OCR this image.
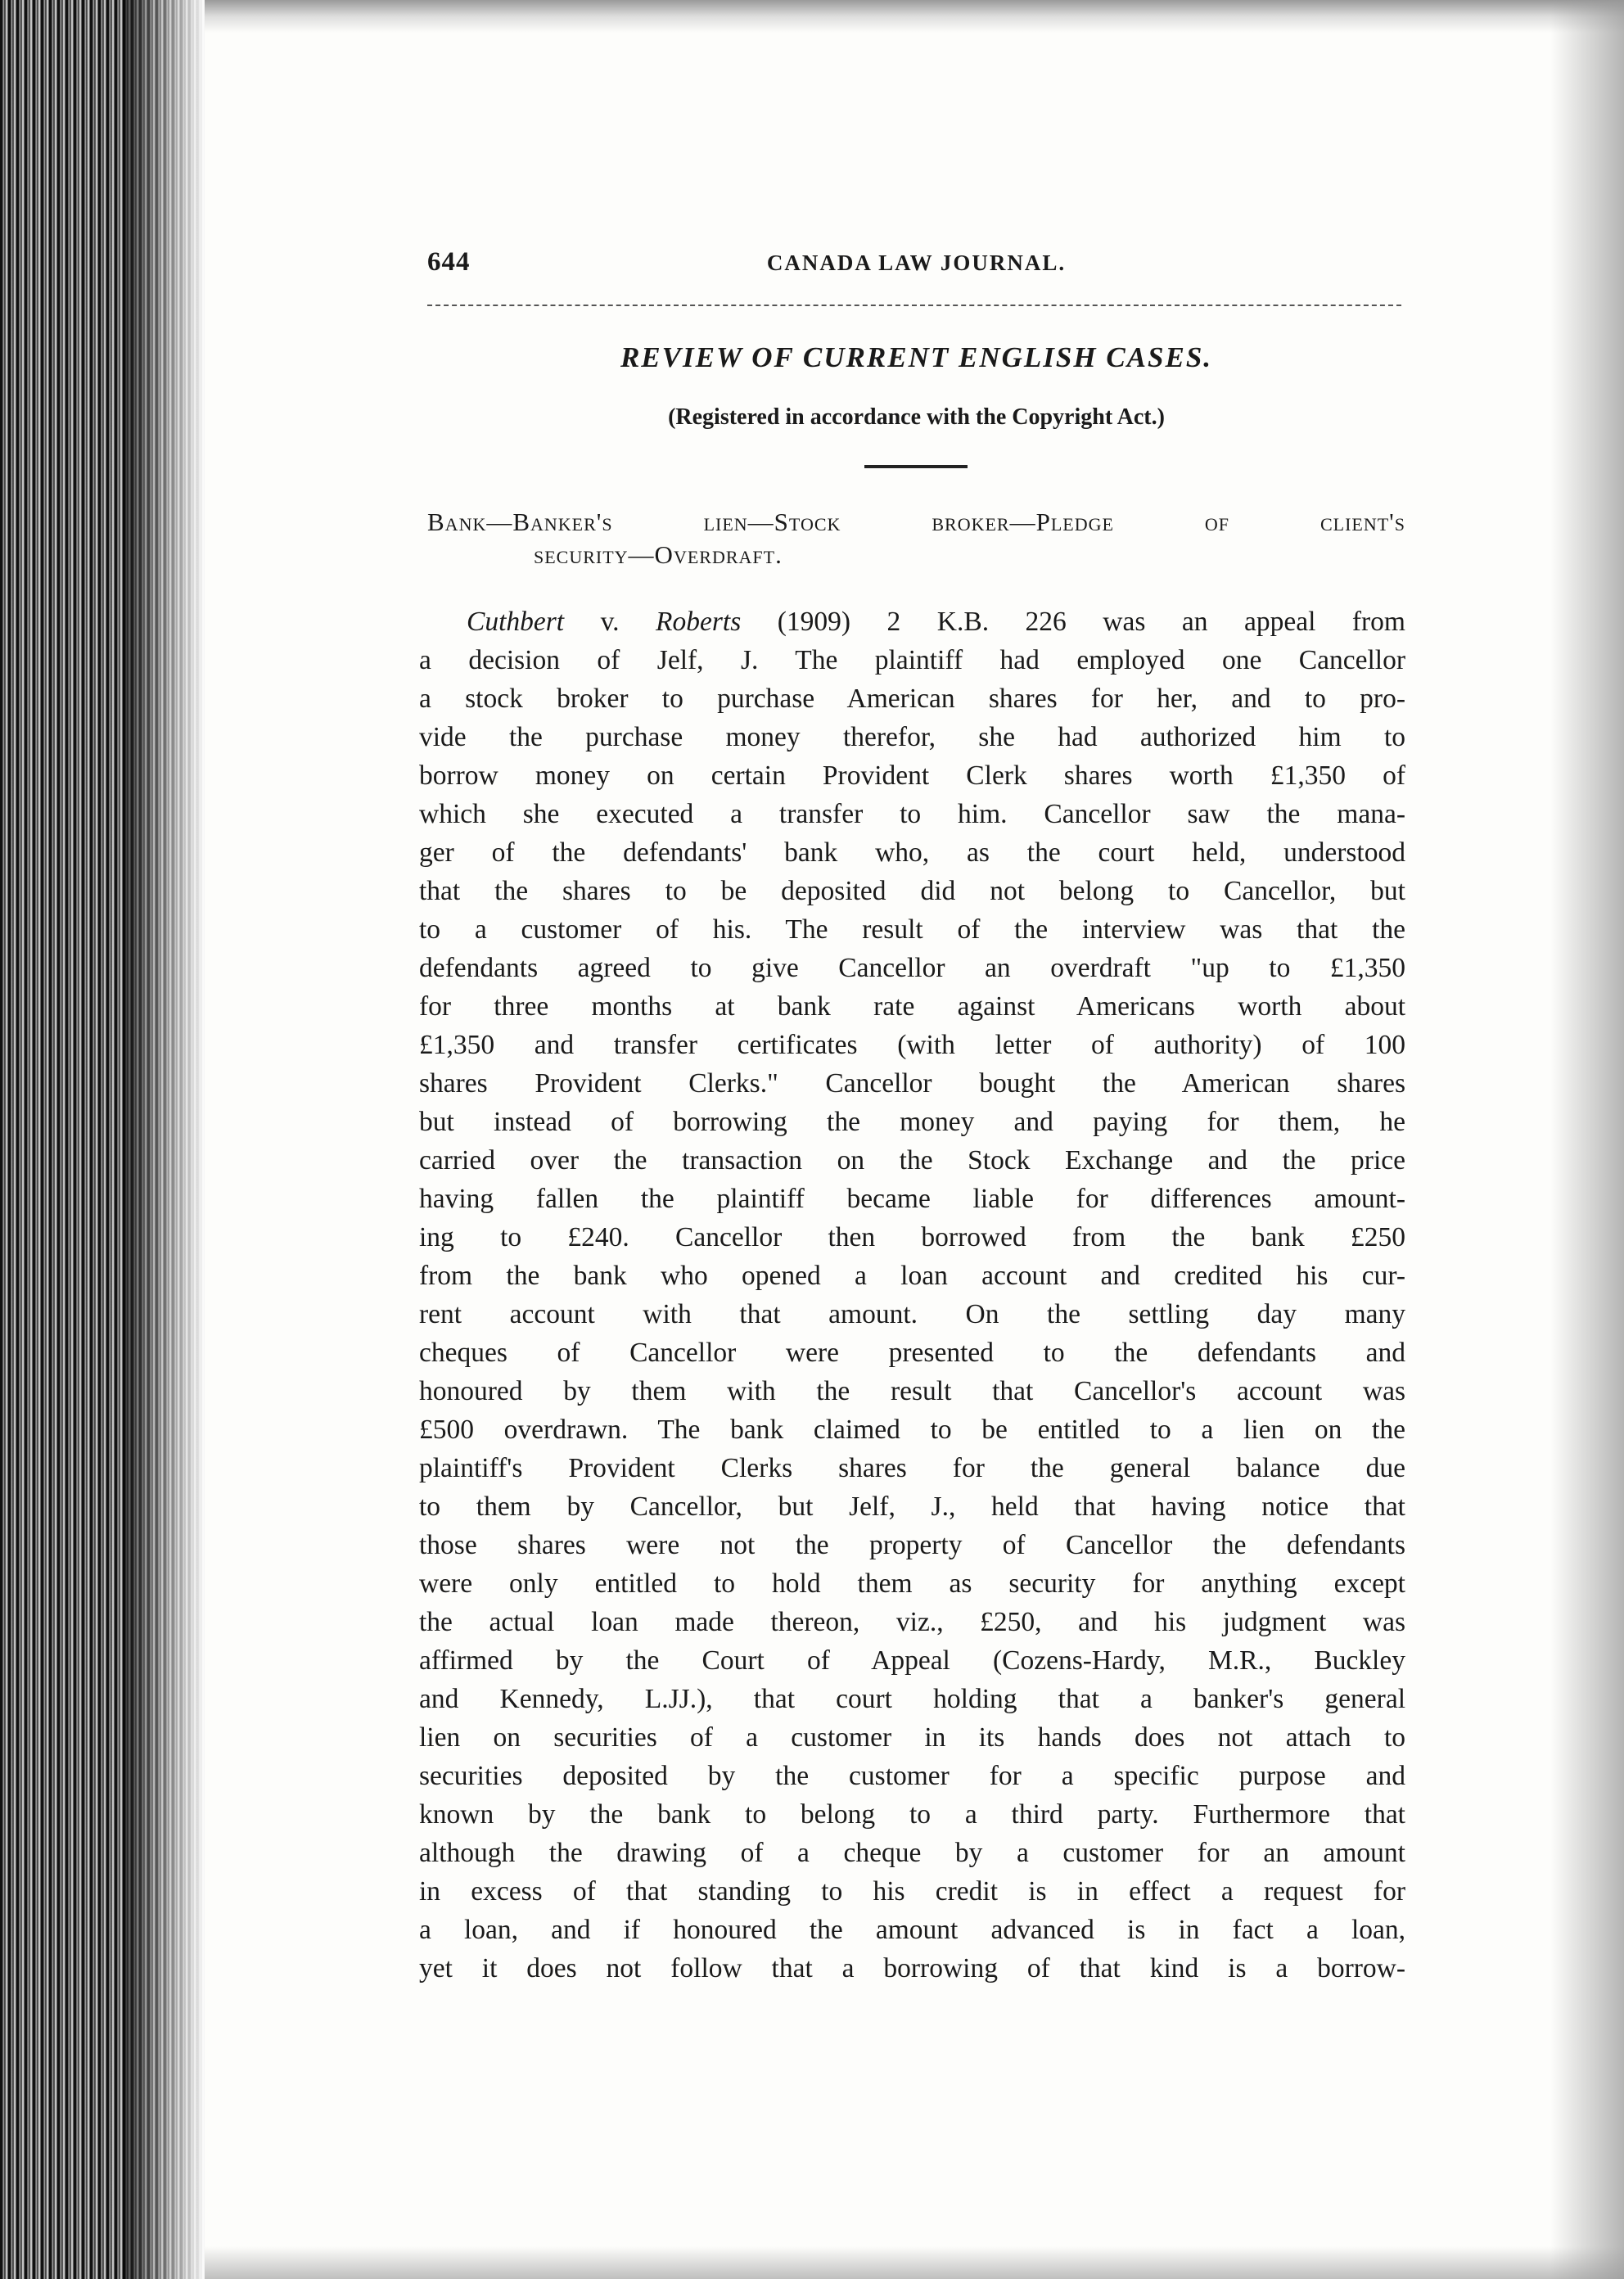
644	CANADA LAW JOURNAL.
REVIEW OF CURRENT ENGLISH CASES.
(Registered in accordance with the Copyright Act.)
Bank—Banker's lien—Stock broker—Pledge of client's
security—Overdraft.
Cuthbert v. Roberts (1909) 2 K.B. 226 was an appeal from
a decision of Jelf, J. The plaintiff had employed one Cancellor
a stock broker to purchase American shares for her, and to pro-
vide the purchase money therefor, she had authorized him to
borrow money on certain Provident Clerk shares worth £1,350 of
which she executed a transfer to him. Cancellor saw the mana-
ger of the defendants' bank who, as the court held, understood
that the shares to be deposited did not belong to Cancellor, but
to a customer of his. The result of the interview was that the
defendants agreed to give Cancellor an overdraft "up to £1,350
for three months at bank rate against Americans worth about
£1,350 and transfer certificates (with letter of authority) of 100
shares Provident Clerks." Cancellor bought the American shares
but instead of borrowing the money and paying for them, he
carried over the transaction on the Stock Exchange and the price
having fallen the plaintiff became liable for differences amount-
ing to £240. Cancellor then borrowed from the bank £250
from the bank who opened a loan account and credited his cur-
rent account with that amount. On the settling day many
cheques of Cancellor were presented to the defendants and
honoured by them with the result that Cancellor's account was
£500 overdrawn. The bank claimed to be entitled to a lien on the
plaintiff's Provident Clerks shares for the general balance due
to them by Cancellor, but Jelf, J., held that having notice that
those shares were not the property of Cancellor the defendants
were only entitled to hold them as security for anything except
the actual loan made thereon, viz., £250, and his judgment was
affirmed by the Court of Appeal (Cozens-Hardy, M.R., Buckley
and Kennedy, L.JJ.), that court holding that a banker's general
lien on securities of a customer in its hands does not attach to
securities deposited by the customer for a specific purpose and
known by the bank to belong to a third party. Furthermore that
although the drawing of a cheque by a customer for an amount
in excess of that standing to his credit is in effect a request for
a loan, and if honoured the amount advanced is in fact a loan,
yet it does not follow that a borrowing of that kind is a borrow-
